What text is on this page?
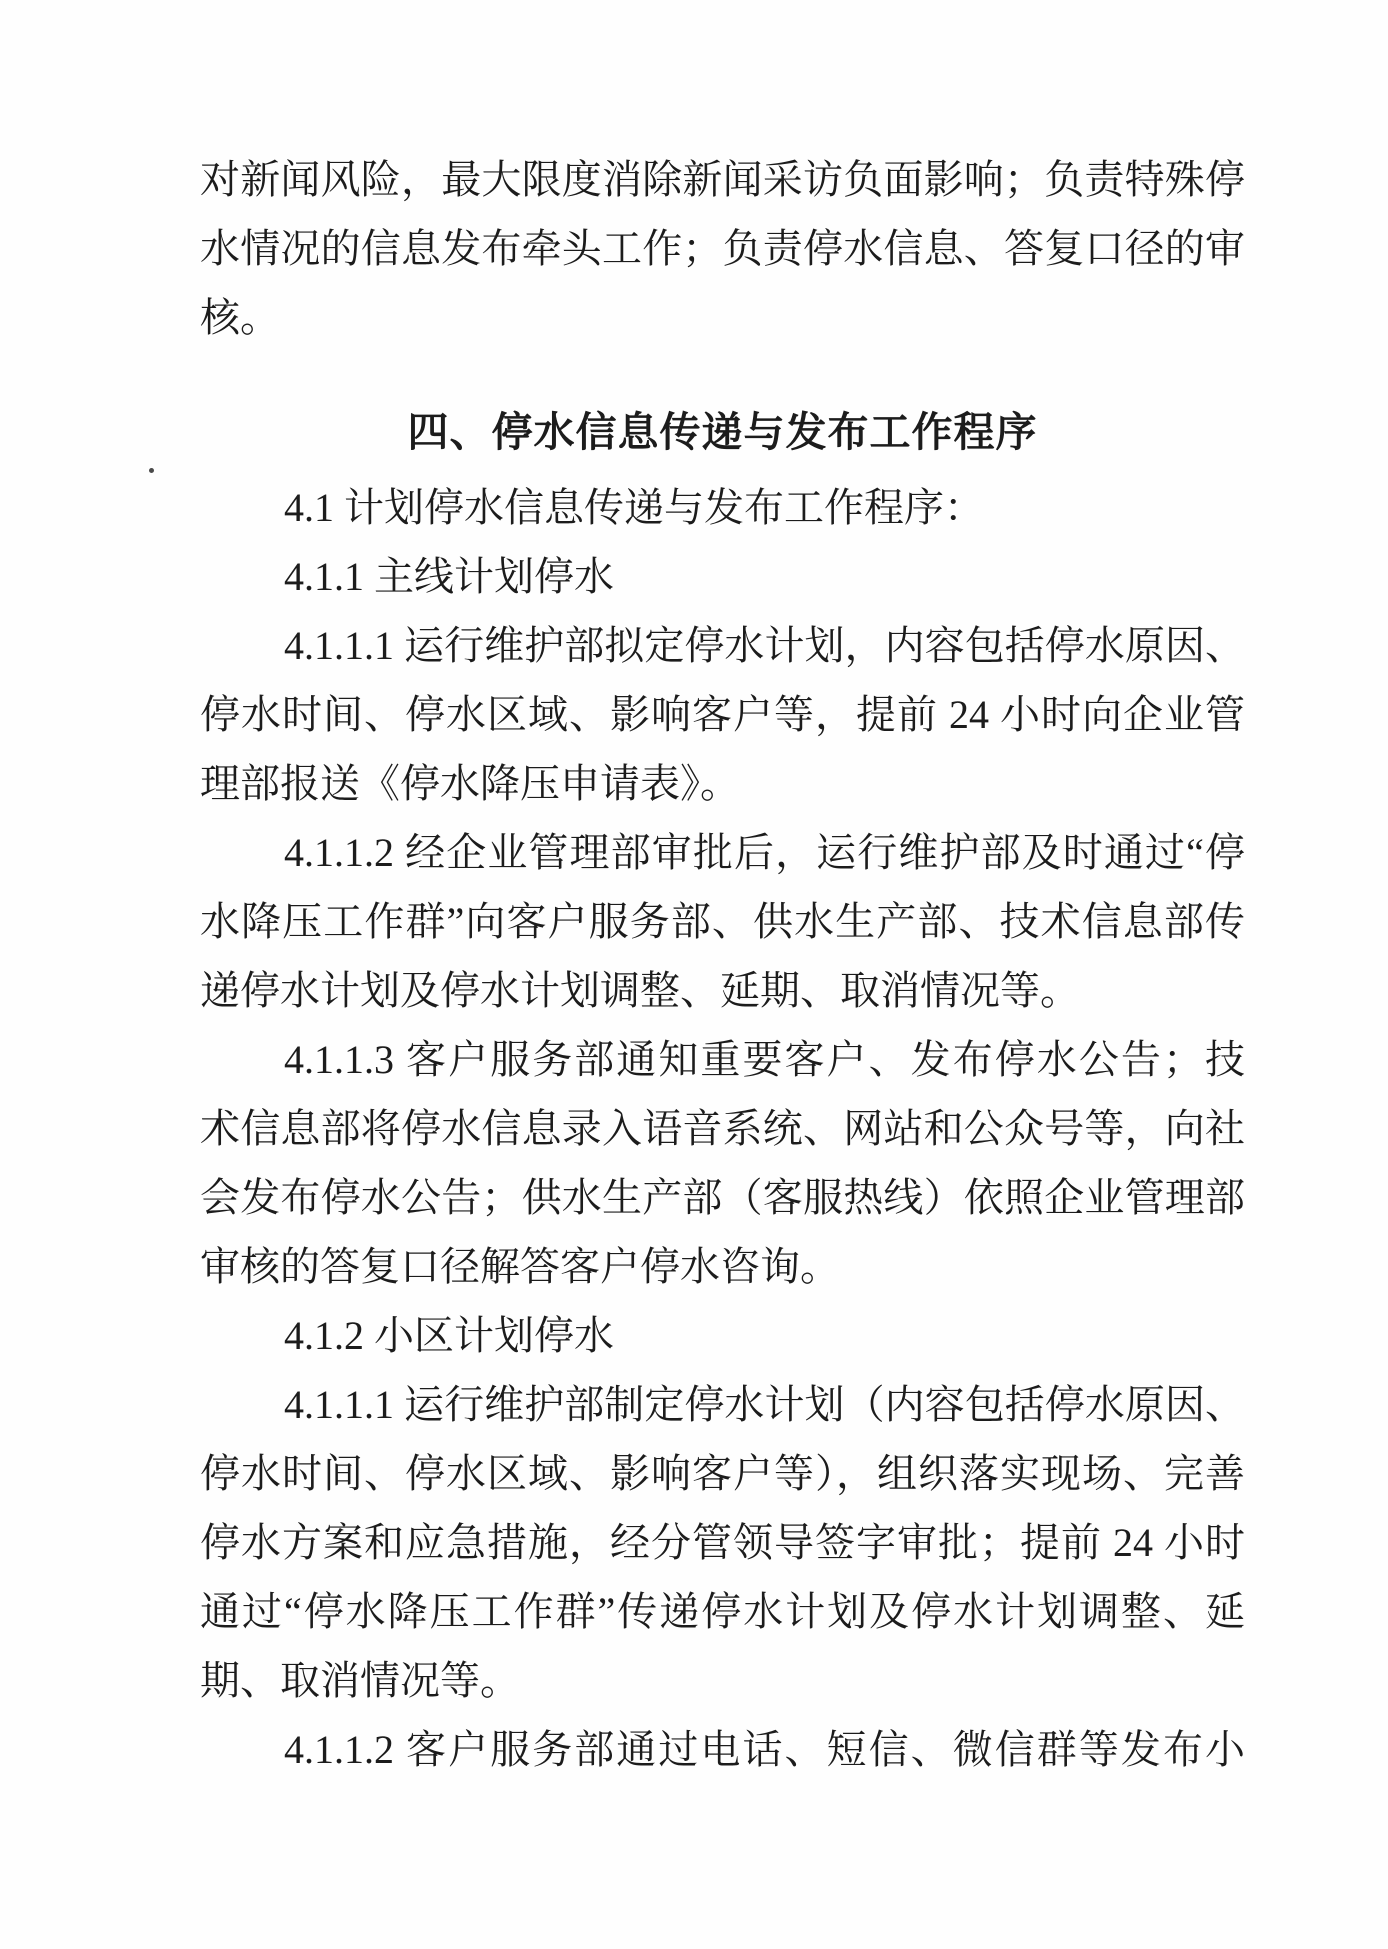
对新闻风险，最大限度消除新闻采访负面影响；负责特殊停
水情况的信息发布牵头工作；负责停水信息、答复口径的审
核。
四、停水信息传递与发布工作程序
4.1 计划停水信息传递与发布工作程序：
4.1.1 主线计划停水
4.1.1.1 运行维护部拟定停水计划，内容包括停水原因、
停水时间、停水区域、影响客户等，提前 24 小时向企业管
理部报送《停水降压申请表》。
4.1.1.2 经企业管理部审批后，运行维护部及时通过“停
水降压工作群”向客户服务部、供水生产部、技术信息部传
递停水计划及停水计划调整、延期、取消情况等。
4.1.1.3 客户服务部通知重要客户、发布停水公告；技
术信息部将停水信息录入语音系统、网站和公众号等，向社
会发布停水公告；供水生产部（客服热线）依照企业管理部
审核的答复口径解答客户停水咨询。
4.1.2 小区计划停水
4.1.1.1 运行维护部制定停水计划（内容包括停水原因、
停水时间、停水区域、影响客户等），组织落实现场、完善
停水方案和应急措施，经分管领导签字审批；提前 24 小时
通过“停水降压工作群”传递停水计划及停水计划调整、延
期、取消情况等。
4.1.1.2 客户服务部通过电话、短信、微信群等发布小
